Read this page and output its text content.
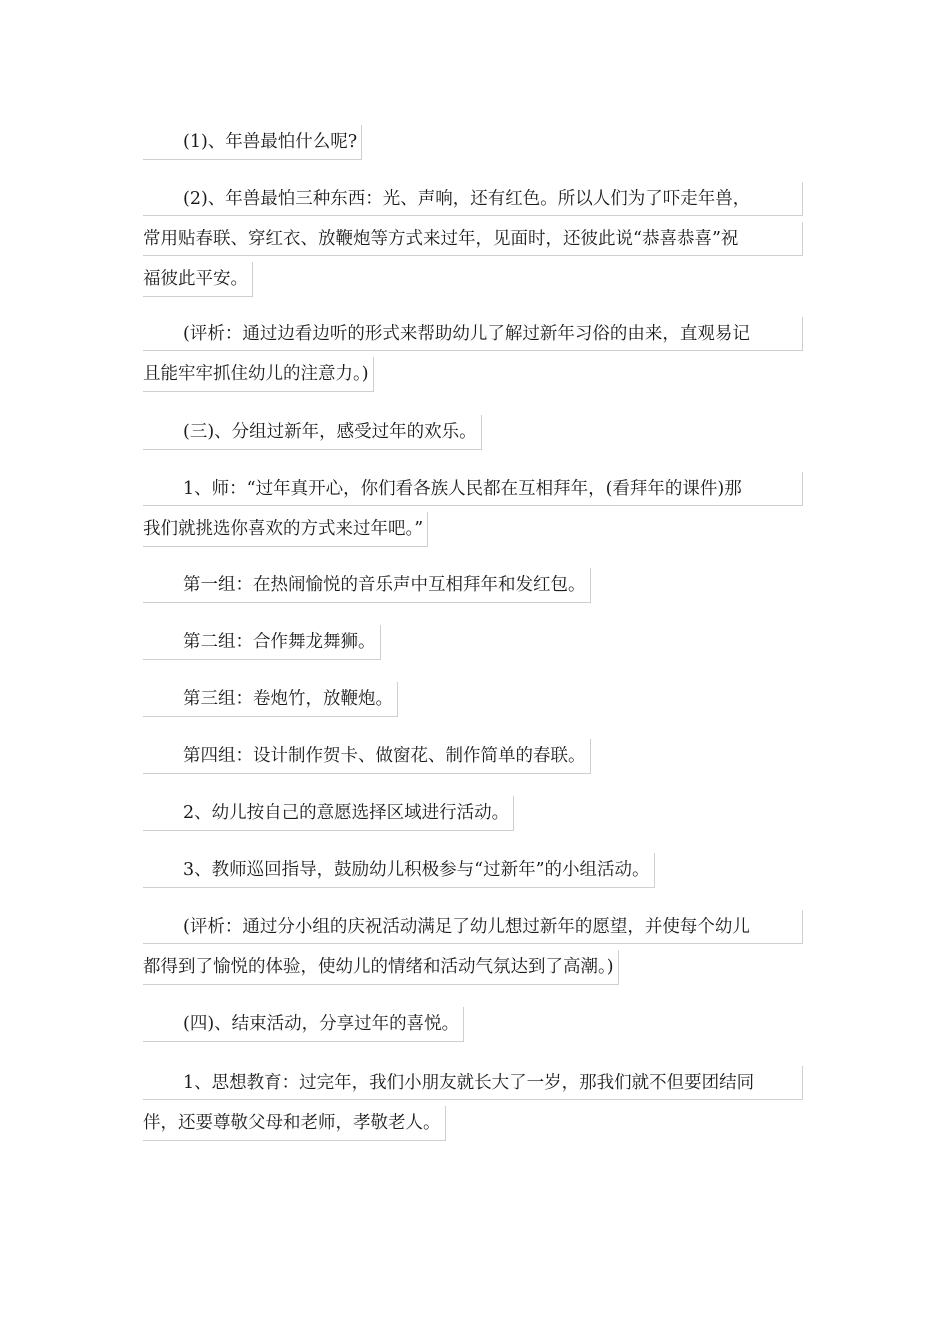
(1)、年兽最怕什么呢?
(2)、年兽最怕三种东西：光、声响，还有红色。所以人们为了吓走年兽，
常用贴春联、穿红衣、放鞭炮等方式来过年，见面时，还彼此说“恭喜恭喜”祝
福彼此平安。
(评析：通过边看边听的形式来帮助幼儿了解过新年习俗的由来，直观易记
且能牢牢抓住幼儿的注意力。)
(三)、分组过新年，感受过年的欢乐。
1、师：“过年真开心，你们看各族人民都在互相拜年，(看拜年的课件)那
我们就挑选你喜欢的方式来过年吧。”
第一组：在热闹愉悦的音乐声中互相拜年和发红包。
第二组：合作舞龙舞狮。
第三组：卷炮竹，放鞭炮。
第四组：设计制作贺卡、做窗花、制作简单的春联。
2、幼儿按自己的意愿选择区域进行活动。
3、教师巡回指导，鼓励幼儿积极参与“过新年”的小组活动。
(评析：通过分小组的庆祝活动满足了幼儿想过新年的愿望，并使每个幼儿
都得到了愉悦的体验，使幼儿的情绪和活动气氛达到了高潮。)
(四)、结束活动，分享过年的喜悦。
1、思想教育：过完年，我们小朋友就长大了一岁，那我们就不但要团结同
伴，还要尊敬父母和老师，孝敬老人。
